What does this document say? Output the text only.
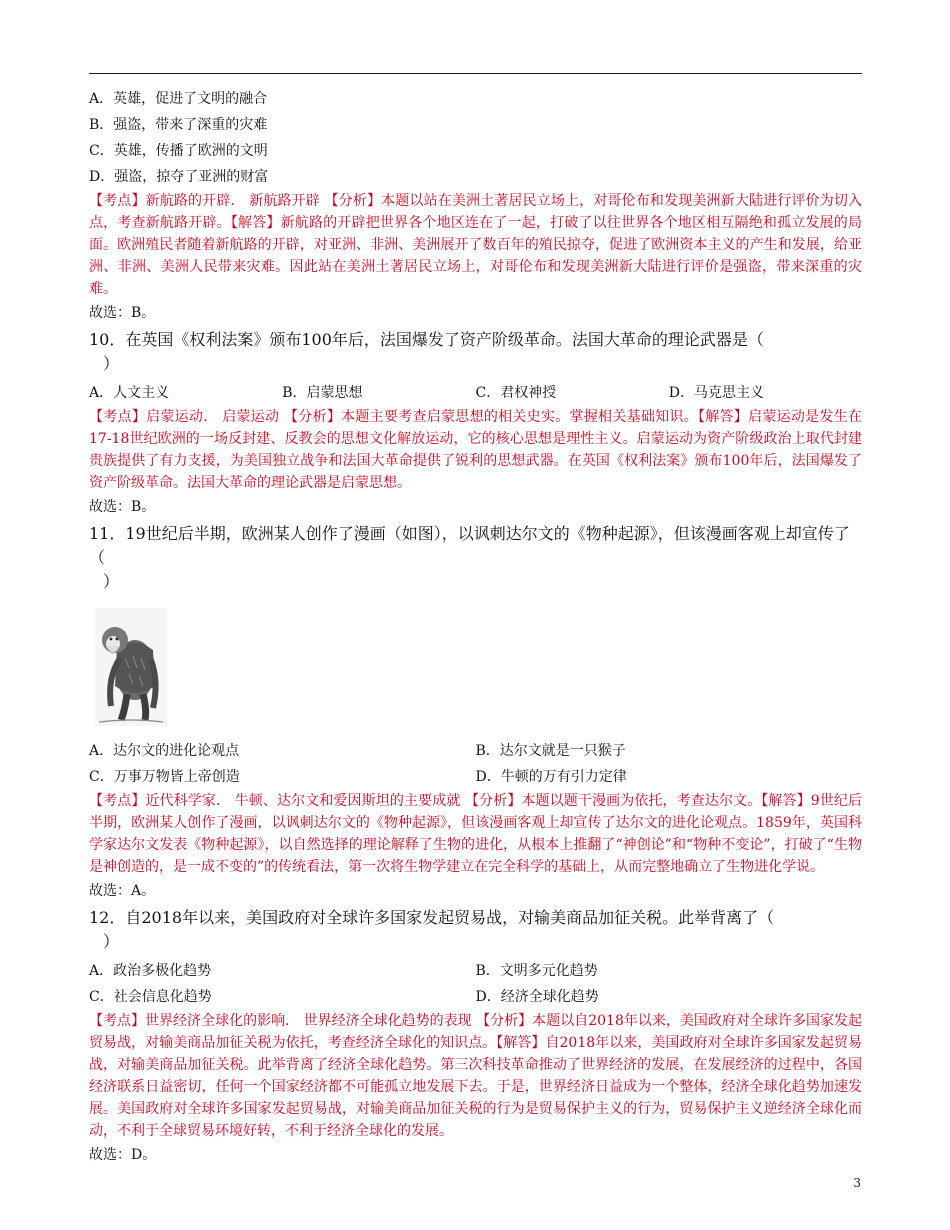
A．英雄，促进了文明的融合
B．强盗，带来了深重的灾难
C．英雄，传播了欧洲的文明
D．强盗，掠夺了亚洲的财富
【考点】新航路的开辟． 新航路开辟 【分析】本题以站在美洲土著居民立场上，对哥伦布和发现美洲新大陆进行评价为切入点，考查新航路开辟。【解答】新航路的开辟把世界各个地区连在了一起，打破了以往世界各个地区相互隔绝和孤立发展的局面。欧洲殖民者随着新航路的开辟，对亚洲、非洲、美洲展开了数百年的殖民掠夺，促进了欧洲资本主义的产生和发展，给亚洲、非洲、美洲人民带来灾难。因此站在美洲土著居民立场上，对哥伦布和发现美洲新大陆进行评价是强盗，带来深重的灾难。
故选：B。
10．在英国《权利法案》颁布100年后，法国爆发了资产阶级革命。法国大革命的理论武器是（
）
A．人文主义	B．启蒙思想	C．君权神授	D．马克思主义
【考点】启蒙运动． 启蒙运动 【分析】本题主要考查启蒙思想的相关史实。掌握相关基础知识。【解答】启蒙运动是发生在17-18世纪欧洲的一场反封建、反教会的思想文化解放运动，它的核心思想是理性主义。启蒙运动为资产阶级政治上取代封建贵族提供了有力支援，为美国独立战争和法国大革命提供了锐利的思想武器。在英国《权利法案》颁布100年后，法国爆发了资产阶级革命。法国大革命的理论武器是启蒙思想。
故选：B。
11．19世纪后半期，欧洲某人创作了漫画（如图），以讽刺达尔文的《物种起源》，但该漫画客观上却宣传了（
）
A．达尔文的进化论观点	B．达尔文就是一只猴子
C．万事万物皆上帝创造	D．牛顿的万有引力定律
【考点】近代科学家． 牛顿、达尔文和爱因斯坦的主要成就 【分析】本题以题干漫画为依托，考查达尔文。【解答】9世纪后半期，欧洲某人创作了漫画，以讽刺达尔文的《物种起源》，但该漫画客观上却宣传了达尔文的进化论观点。1859年，英国科学家达尔文发表《物种起源》，以自然选择的理论解释了生物的进化，从根本上推翻了“神创论”和“物种不变论”，打破了“生物是神创造的，是一成不变的”的传统看法，第一次将生物学建立在完全科学的基础上，从而完整地确立了生物进化学说。
故选：A。
12．自2018年以来，美国政府对全球许多国家发起贸易战，对输美商品加征关税。此举背离了（
）
A．政治多极化趋势	B．文明多元化趋势
C．社会信息化趋势	D．经济全球化趋势
【考点】世界经济全球化的影响． 世界经济全球化趋势的表现 【分析】本题以自2018年以来，美国政府对全球许多国家发起贸易战，对输美商品加征关税为依托，考查经济全球化的知识点。【解答】自2018年以来，美国政府对全球许多国家发起贸易战，对输美商品加征关税。此举背离了经济全球化趋势。第三次科技革命推动了世界经济的发展，在发展经济的过程中，各国经济联系日益密切，任何一个国家经济都不可能孤立地发展下去。于是，世界经济日益成为一个整体，经济全球化趋势加速发展。美国政府对全球许多国家发起贸易战，对输美商品加征关税的行为是贸易保护主义的行为，贸易保护主义逆经济全球化而动，不利于全球贸易环境好转，不利于经济全球化的发展。
故选：D。
3
